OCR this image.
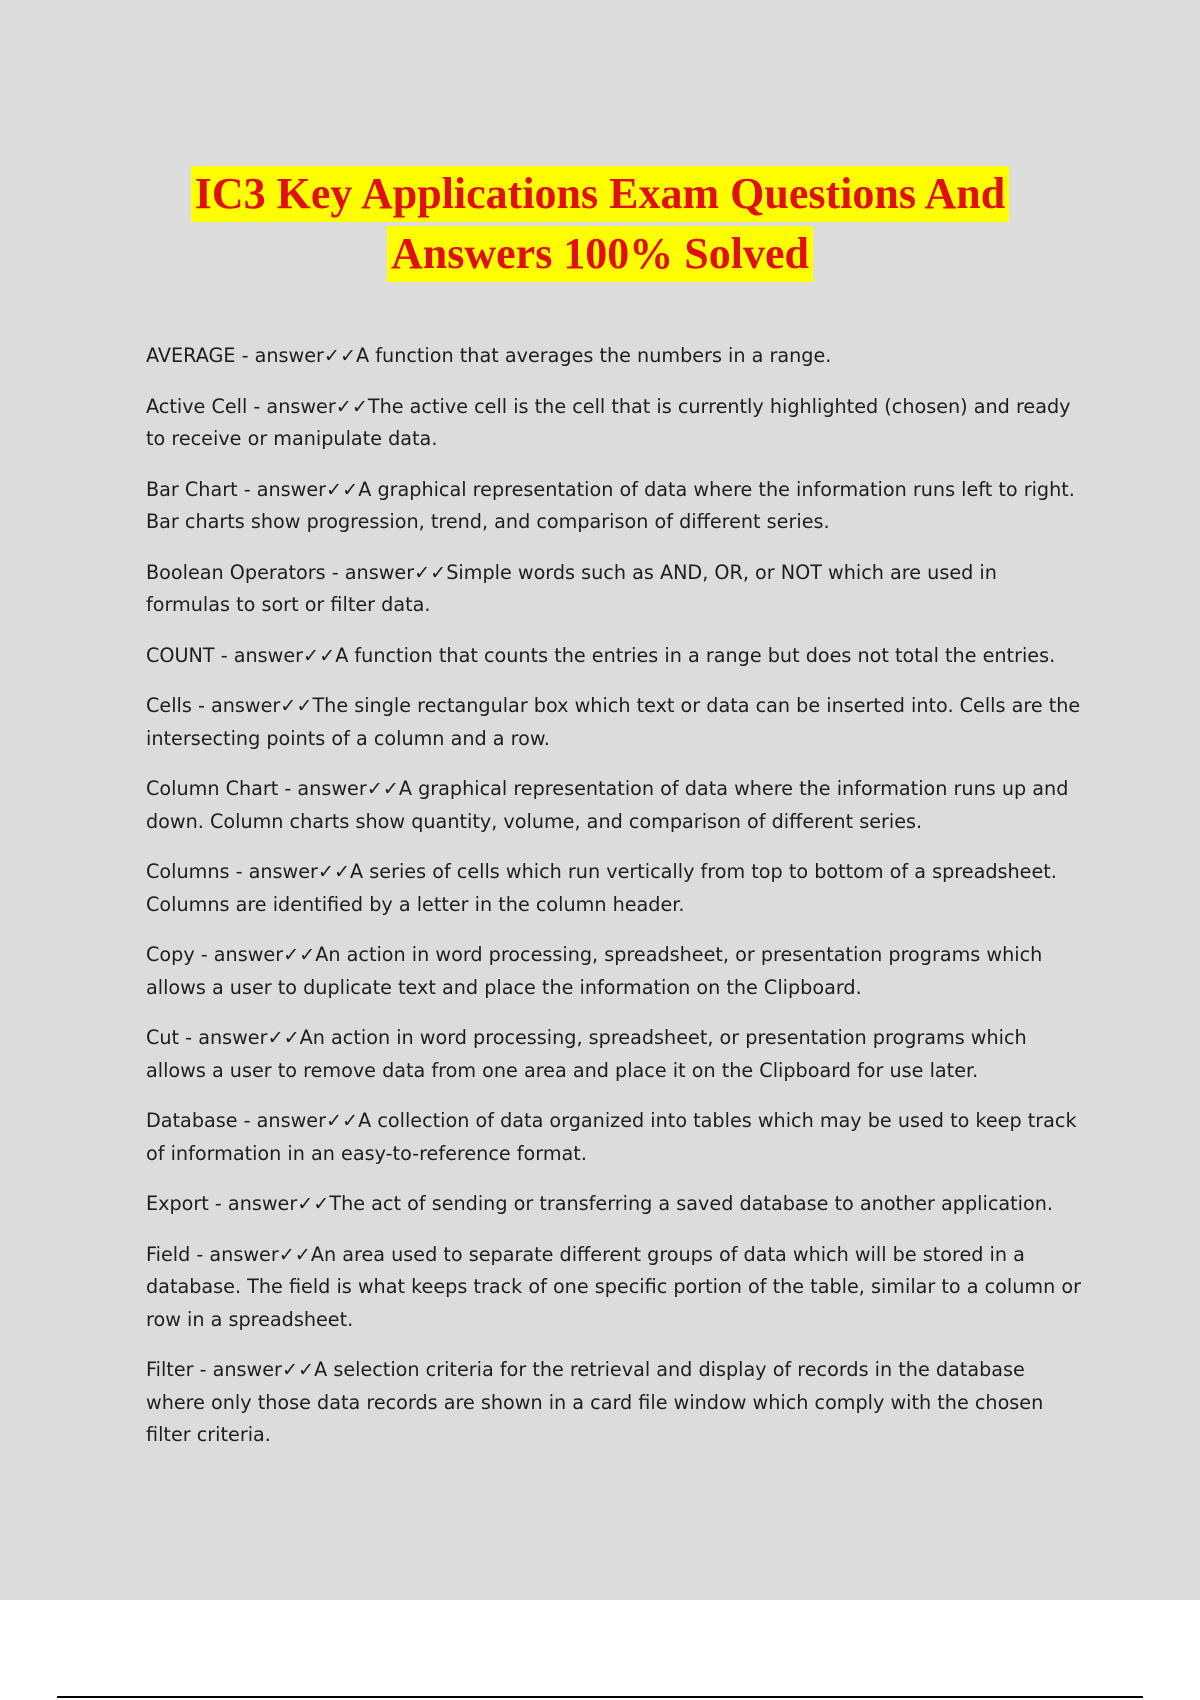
IC3 Key Applications Exam Questions And
Answers 100% Solved

AVERAGE - answer✓✓A function that averages the numbers in a range.

Active Cell - answer✓✓The active cell is the cell that is currently highlighted (chosen) and ready to receive or manipulate data.

Bar Chart - answer✓✓A graphical representation of data where the information runs left to right. Bar charts show progression, trend, and comparison of different series.

Boolean Operators - answer✓✓Simple words such as AND, OR, or NOT which are used in formulas to sort or filter data.

COUNT - answer✓✓A function that counts the entries in a range but does not total the entries.

Cells - answer✓✓The single rectangular box which text or data can be inserted into. Cells are the intersecting points of a column and a row.

Column Chart - answer✓✓A graphical representation of data where the information runs up and down. Column charts show quantity, volume, and comparison of different series.

Columns - answer✓✓A series of cells which run vertically from top to bottom of a spreadsheet. Columns are identified by a letter in the column header.

Copy - answer✓✓An action in word processing, spreadsheet, or presentation programs which allows a user to duplicate text and place the information on the Clipboard.

Cut - answer✓✓An action in word processing, spreadsheet, or presentation programs which allows a user to remove data from one area and place it on the Clipboard for use later.

Database - answer✓✓A collection of data organized into tables which may be used to keep track of information in an easy-to-reference format.

Export - answer✓✓The act of sending or transferring a saved database to another application.

Field - answer✓✓An area used to separate different groups of data which will be stored in a database. The field is what keeps track of one specific portion of the table, similar to a column or row in a spreadsheet.

Filter - answer✓✓A selection criteria for the retrieval and display of records in the database where only those data records are shown in a card file window which comply with the chosen filter criteria.
